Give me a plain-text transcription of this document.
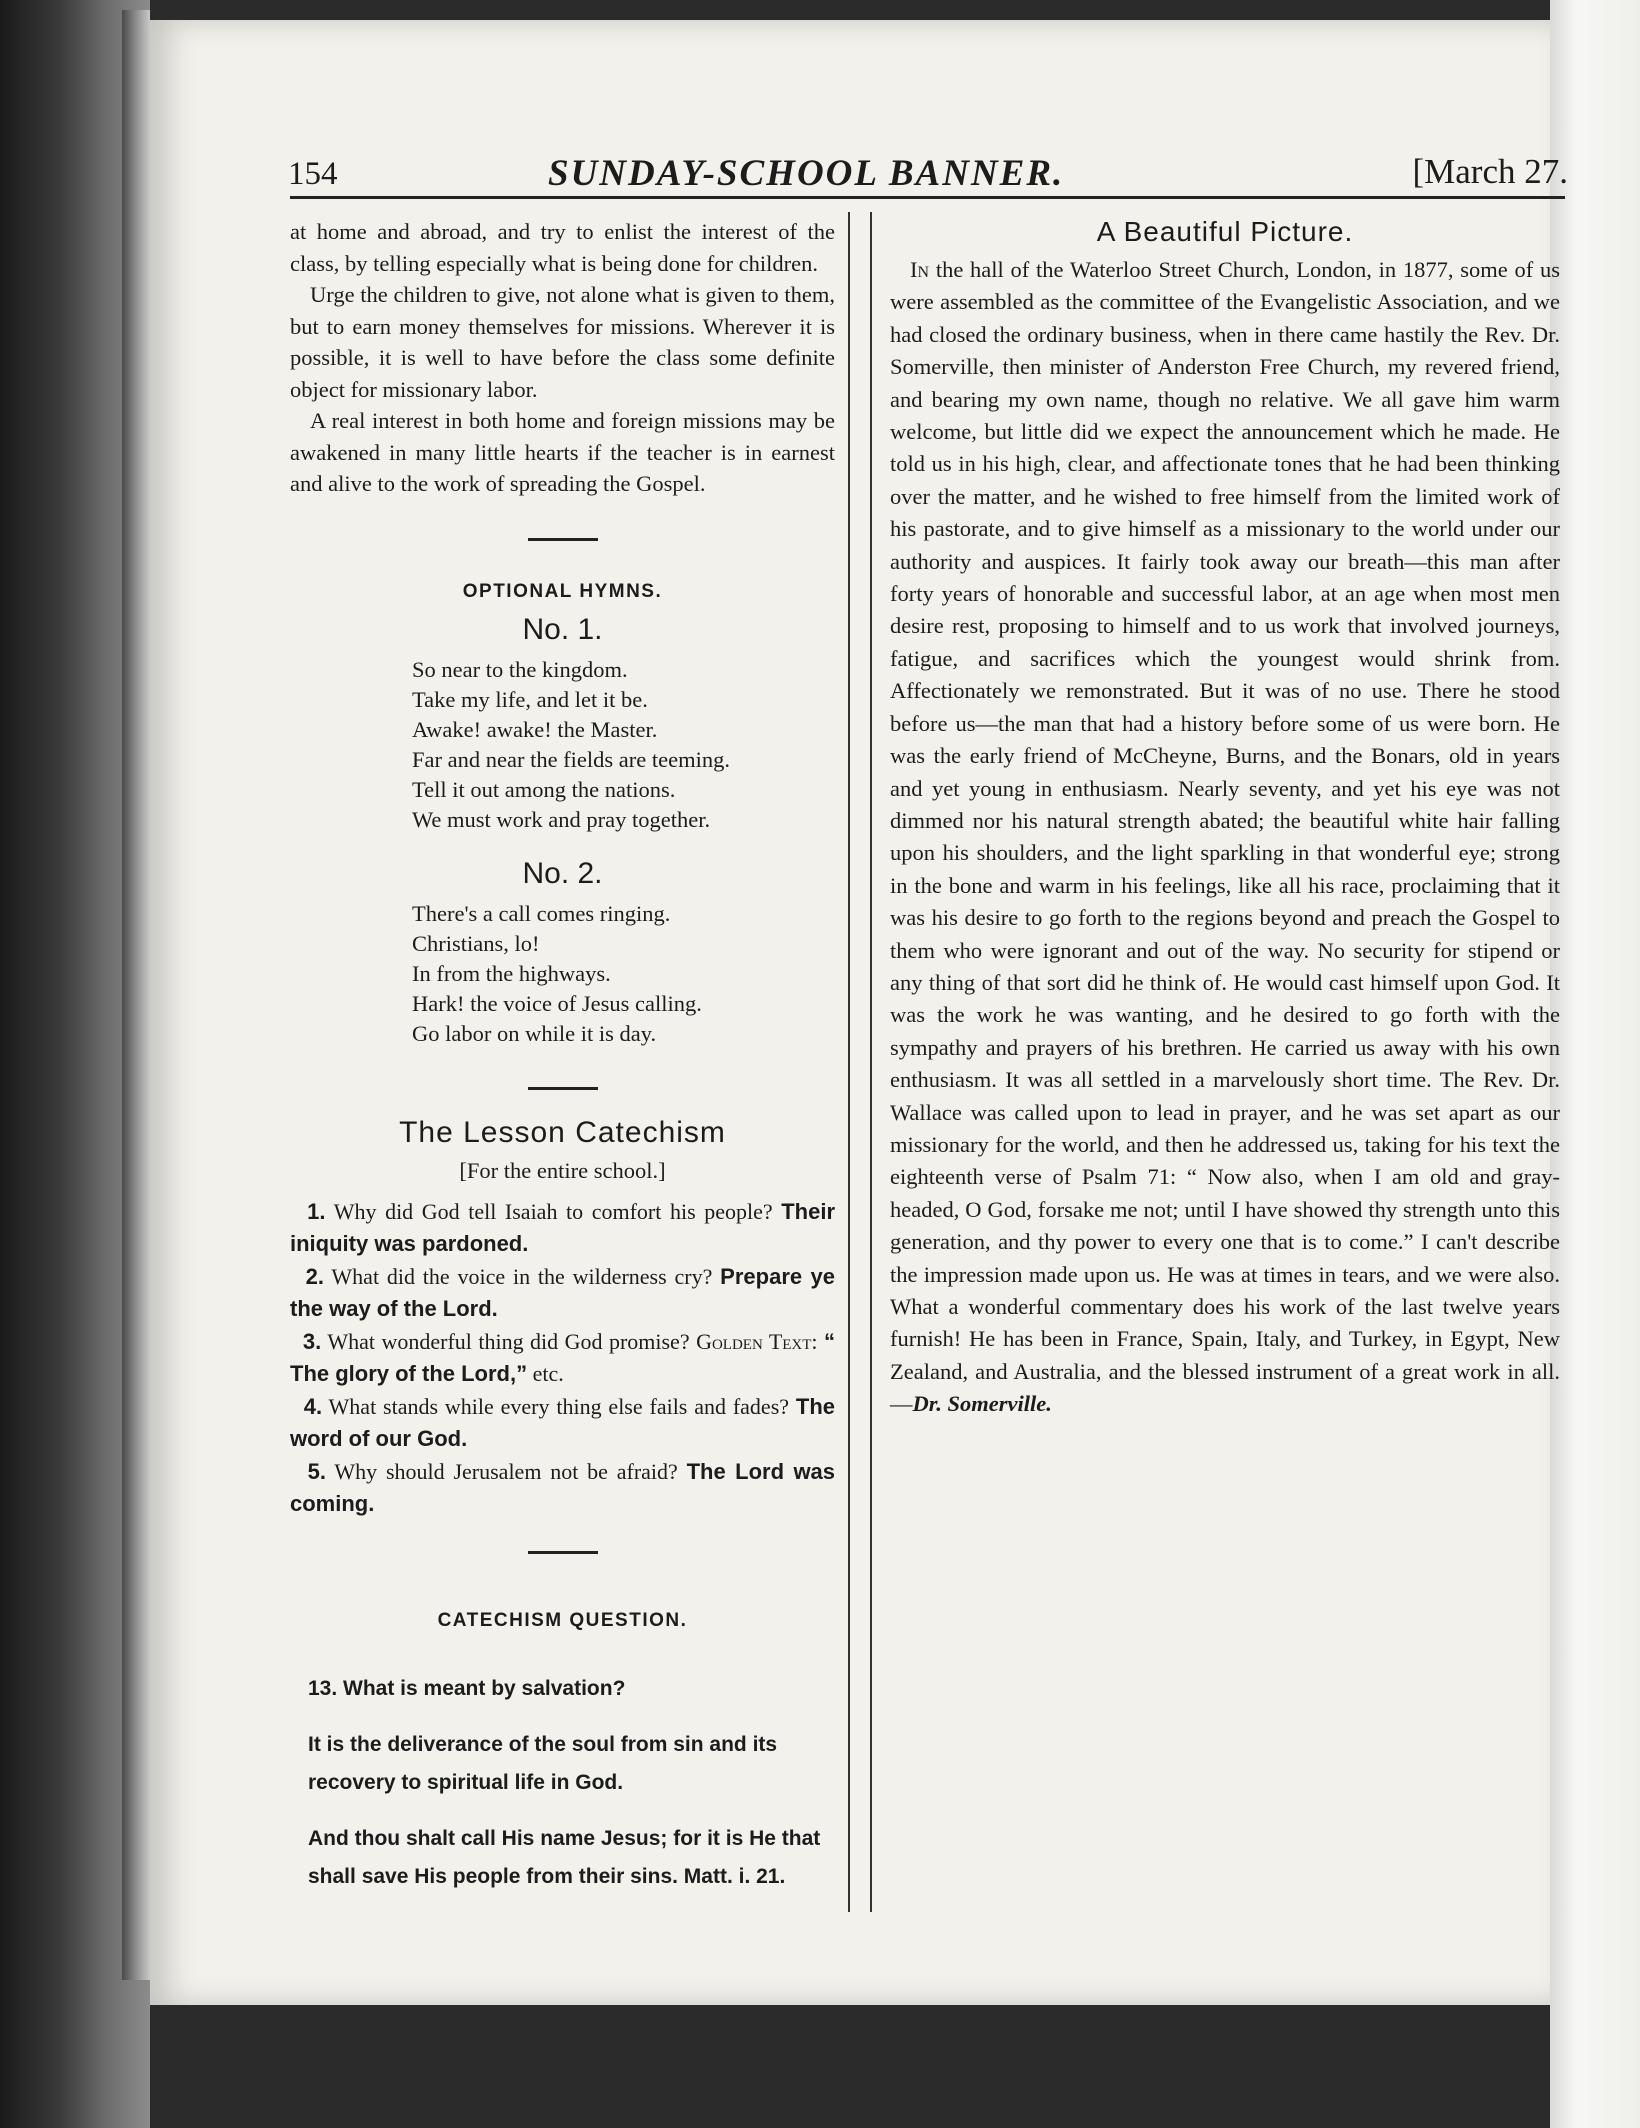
154	SUNDAY-SCHOOL BANNER.	[March 27.

at home and abroad, and try to enlist the interest of the class, by telling especially what is being done for children.

Urge the children to give, not alone what is given to them, but to earn money themselves for missions. Wherever it is possible, it is well to have before the class some definite object for missionary labor.

A real interest in both home and foreign missions may be awakened in many little hearts if the teacher is in earnest and alive to the work of spreading the Gospel.

OPTIONAL HYMNS.
No. 1.
So near to the kingdom.
Take my life, and let it be.
Awake! awake! the Master.
Far and near the fields are teeming.
Tell it out among the nations.
We must work and pray together.
No. 2.
There's a call comes ringing.
Christians, lo!
In from the highways.
Hark! the voice of Jesus calling.
Go labor on while it is day.
The Lesson Catechism
[For the entire school.]
1. Why did God tell Isaiah to comfort his people? Their iniquity was pardoned.
2. What did the voice in the wilderness cry? Prepare ye the way of the Lord.
3. What wonderful thing did God promise? Golden Text: “ The glory of the Lord,” etc.
4. What stands while every thing else fails and fades? The word of our God.
5. Why should Jerusalem not be afraid? The Lord was coming.
CATECHISM QUESTION.
13. What is meant by salvation?
It is the deliverance of the soul from sin and its recovery to spiritual life in God.
And thou shalt call His name Jesus; for it is He that shall save His people from their sins. Matt. i. 21.
A Beautiful Picture.

In the hall of the Waterloo Street Church, London, in 1877, some of us were assembled as the committee of the Evangelistic Association, and we had closed the ordinary business, when in there came hastily the Rev. Dr. Somerville, then minister of Anderston Free Church, my revered friend, and bearing my own name, though no relative. We all gave him warm welcome, but little did we expect the announcement which he made. He told us in his high, clear, and affectionate tones that he had been thinking over the matter, and he wished to free himself from the limited work of his pastorate, and to give himself as a missionary to the world under our authority and auspices. It fairly took away our breath—this man after forty years of honorable and successful labor, at an age when most men desire rest, proposing to himself and to us work that involved journeys, fatigue, and sacrifices which the youngest would shrink from. Affectionately we remonstrated. But it was of no use. There he stood before us—the man that had a history before some of us were born. He was the early friend of McCheyne, Burns, and the Bonars, old in years and yet young in enthusiasm. Nearly seventy, and yet his eye was not dimmed nor his natural strength abated; the beautiful white hair falling upon his shoulders, and the light sparkling in that wonderful eye; strong in the bone and warm in his feelings, like all his race, proclaiming that it was his desire to go forth to the regions beyond and preach the Gospel to them who were ignorant and out of the way. No security for stipend or any thing of that sort did he think of. He would cast himself upon God. It was the work he was wanting, and he desired to go forth with the sympathy and prayers of his brethren. He carried us away with his own enthusiasm. It was all settled in a marvelously short time. The Rev. Dr. Wallace was called upon to lead in prayer, and he was set apart as our missionary for the world, and then he addressed us, taking for his text the eighteenth verse of Psalm 71: “ Now also, when I am old and gray-headed, O God, forsake me not; until I have showed thy strength unto this generation, and thy power to every one that is to come.” I can't describe the impression made upon us. He was at times in tears, and we were also. What a wonderful commentary does his work of the last twelve years furnish! He has been in France, Spain, Italy, and Turkey, in Egypt, New Zealand, and Australia, and the blessed instrument of a great work in all.—Dr. Somerville.
